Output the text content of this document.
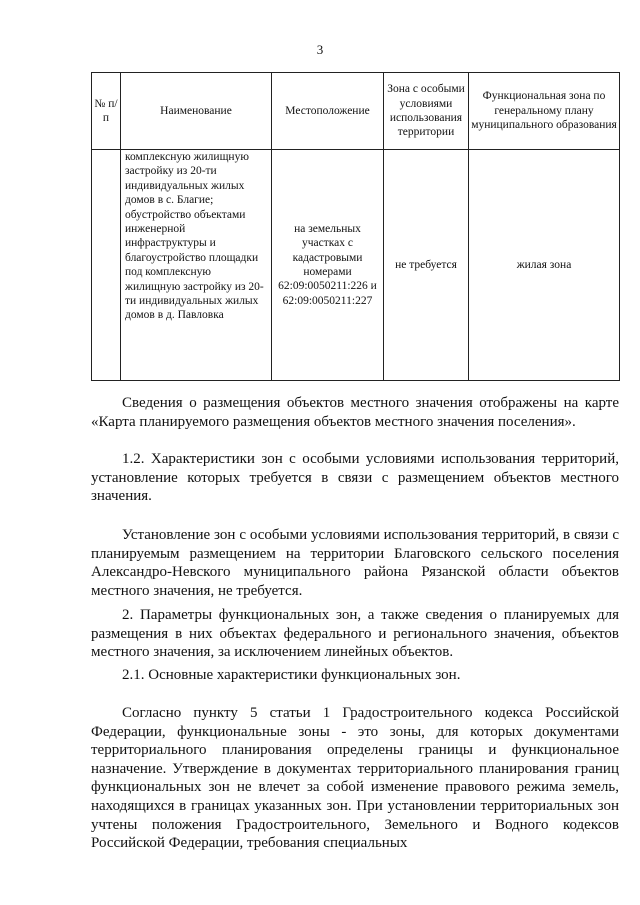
3
№ п/п	Наименование	Местоположение	Зона с особыми условиями использования территории	Функциональная зона по генеральному плану муниципального образования

	комплексную жилищную застройку из 20-ти индивидуальных жилых домов в с. Благие;
обустройство объектами инженерной инфраструктуры и благоустройство площадки под комплексную жилищную застройку из 20-ти индивидуальных жилых домов в д. Павловка	на земельных участках с кадастровыми номерами 62:09:0050211:226 и 62:09:0050211:227	не требуется	жилая зона

Сведения о размещения объектов местного значения отображены на карте «Карта планируемого размещения объектов местного значения поселения».

1.2. Характеристики зон с особыми условиями использования территорий, установление которых требуется в связи с размещением объектов местного значения.

Установление зон с особыми условиями использования территорий, в связи с планируемым размещением на территории Благовского сельского поселения Александро-Невского муниципального района Рязанской области объектов местного значения, не требуется.

2. Параметры функциональных зон, а также сведения о планируемых для размещения в них объектах федерального и регионального значения, объектов местного значения, за исключением линейных объектов.

2.1. Основные характеристики функциональных зон.

Согласно пункту 5 статьи 1 Градостроительного кодекса Российской Федерации, функциональные зоны - это зоны, для которых документами территориального планирования определены границы и функциональное назначение. Утверждение в документах территориального планирования границ функциональных зон не влечет за собой изменение правового режима земель, находящихся в границах указанных зон. При установлении территориальных зон учтены положения Градостроительного, Земельного и Водного кодексов Российской Федерации, требования специальных
